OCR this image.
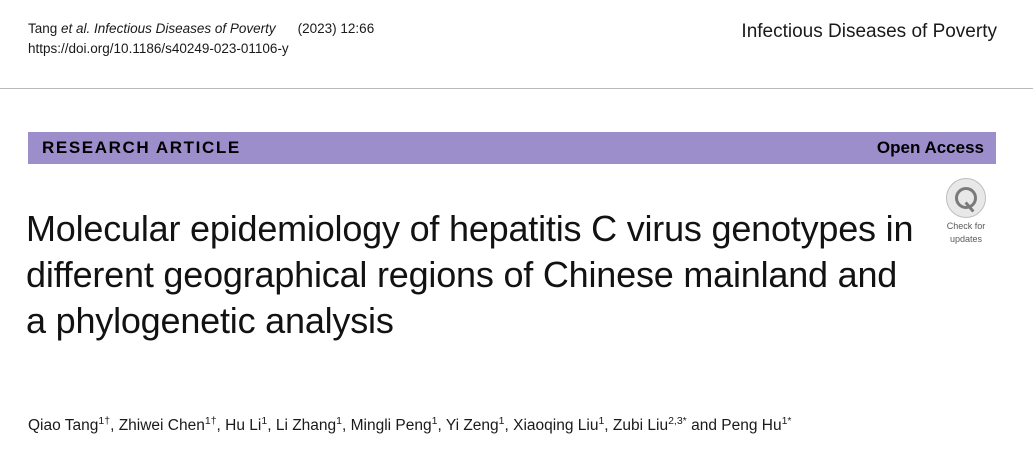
Tang et al. Infectious Diseases of Poverty (2023) 12:66
https://doi.org/10.1186/s40249-023-01106-y
Infectious Diseases of Poverty
RESEARCH ARTICLE	Open Access
Molecular epidemiology of hepatitis C virus genotypes in different geographical regions of Chinese mainland and a phylogenetic analysis
Check for
updates
Qiao Tang$^{1\dagger}$, Zhiwei Chen$^{1\dagger}$, Hu Li$^1$, Li Zhang$^1$, Mingli Peng$^1$, Yi Zeng$^1$, Xiaoqing Liu$^1$, Zubi Liu$^{2,3*}$ and Peng $Hu^{1*}$
